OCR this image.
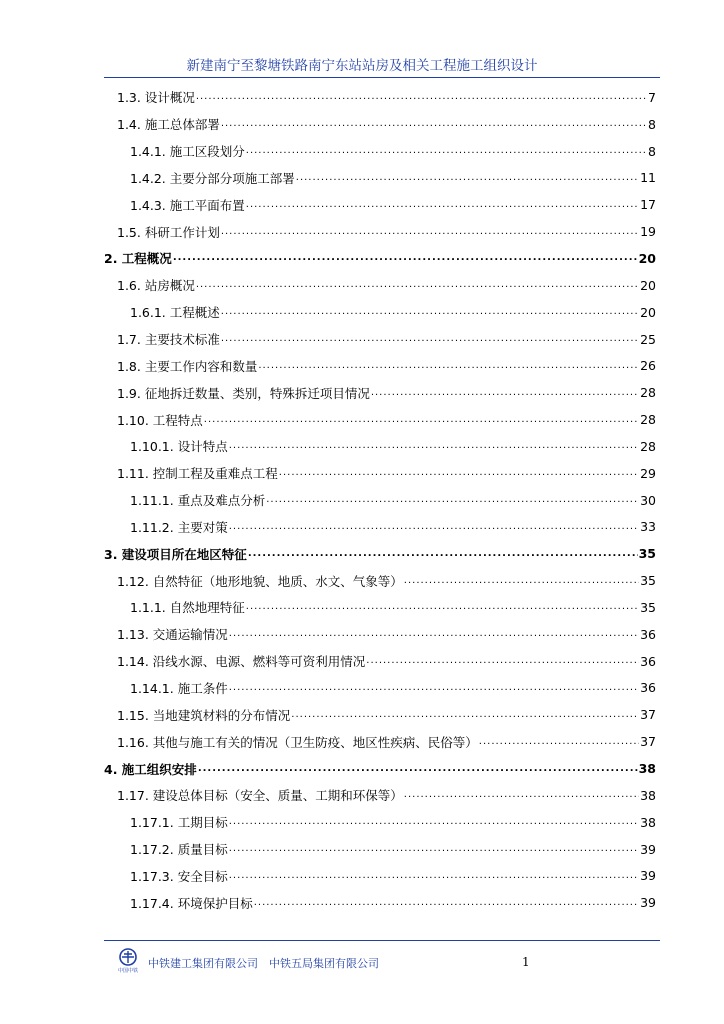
新建南宁至黎塘铁路南宁东站站房及相关工程施工组织设计
1.3. 设计概况 .....	7
1.4. 施工总体部署 .....	8
1.4.1. 施工区段划分 .....	8
1.4.2. 主要分部分项施工部署 .....	11
1.4.3. 施工平面布置 .....	17
1.5. 科研工作计划 .....	19
2. 工程概况 .....	20
1.6. 站房概况 .....	20
1.6.1. 工程概述 .....	20
1.7. 主要技术标准 .....	25
1.8. 主要工作内容和数量 .....	26
1.9. 征地拆迁数量、类别，特殊拆迁项目情况 .....	28
1.10. 工程特点 .....	28
1.10.1. 设计特点 .....	28
1.11. 控制工程及重难点工程 .....	29
1.11.1. 重点及难点分析 .....	30
1.11.2. 主要对策 .....	33
3. 建设项目所在地区特征 .....	35
1.12. 自然特征（地形地貌、地质、水文、气象等） .....	35
1.1.1. 自然地理特征 .....	35
1.13. 交通运输情况 .....	36
1.14. 沿线水源、电源、燃料等可资利用情况 .....	36
1.14.1. 施工条件 .....	36
1.15. 当地建筑材料的分布情况 .....	37
1.16. 其他与施工有关的情况（卫生防疫、地区性疾病、民俗等） .....	37
4. 施工组织安排 .....	38
1.17. 建设总体目标（安全、质量、工期和环保等） .....	38
1.17.1. 工期目标 .....	38
1.17.2. 质量目标 .....	39
1.17.3. 安全目标 .....	39
1.17.4. 环境保护目标 .....	39
中国中铁
中铁建工集团有限公司　中铁五局集团有限公司	1
